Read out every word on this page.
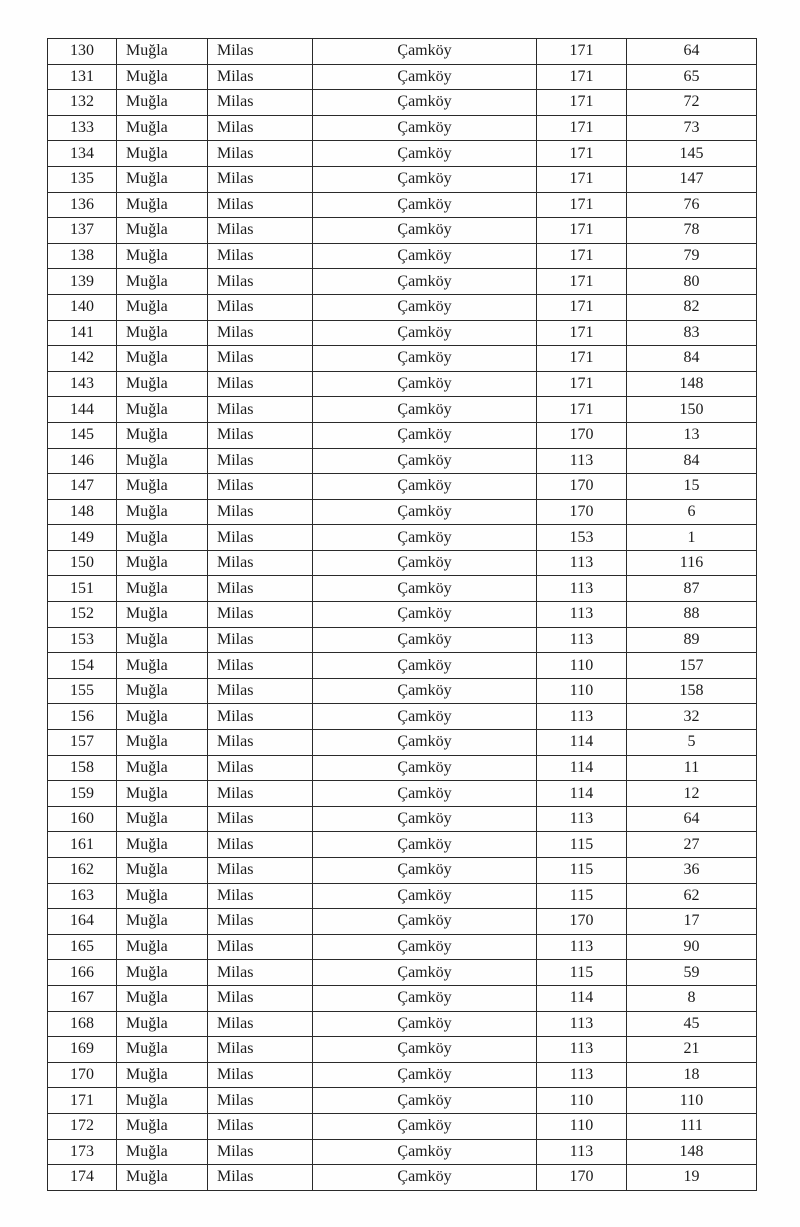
130	Muğla	Milas	Çamköy	171	64
131	Muğla	Milas	Çamköy	171	65
132	Muğla	Milas	Çamköy	171	72
133	Muğla	Milas	Çamköy	171	73
134	Muğla	Milas	Çamköy	171	145
135	Muğla	Milas	Çamköy	171	147
136	Muğla	Milas	Çamköy	171	76
137	Muğla	Milas	Çamköy	171	78
138	Muğla	Milas	Çamköy	171	79
139	Muğla	Milas	Çamköy	171	80
140	Muğla	Milas	Çamköy	171	82
141	Muğla	Milas	Çamköy	171	83
142	Muğla	Milas	Çamköy	171	84
143	Muğla	Milas	Çamköy	171	148
144	Muğla	Milas	Çamköy	171	150
145	Muğla	Milas	Çamköy	170	13
146	Muğla	Milas	Çamköy	113	84
147	Muğla	Milas	Çamköy	170	15
148	Muğla	Milas	Çamköy	170	6
149	Muğla	Milas	Çamköy	153	1
150	Muğla	Milas	Çamköy	113	116
151	Muğla	Milas	Çamköy	113	87
152	Muğla	Milas	Çamköy	113	88
153	Muğla	Milas	Çamköy	113	89
154	Muğla	Milas	Çamköy	110	157
155	Muğla	Milas	Çamköy	110	158
156	Muğla	Milas	Çamköy	113	32
157	Muğla	Milas	Çamköy	114	5
158	Muğla	Milas	Çamköy	114	11
159	Muğla	Milas	Çamköy	114	12
160	Muğla	Milas	Çamköy	113	64
161	Muğla	Milas	Çamköy	115	27
162	Muğla	Milas	Çamköy	115	36
163	Muğla	Milas	Çamköy	115	62
164	Muğla	Milas	Çamköy	170	17
165	Muğla	Milas	Çamköy	113	90
166	Muğla	Milas	Çamköy	115	59
167	Muğla	Milas	Çamköy	114	8
168	Muğla	Milas	Çamköy	113	45
169	Muğla	Milas	Çamköy	113	21
170	Muğla	Milas	Çamköy	113	18
171	Muğla	Milas	Çamköy	110	110
172	Muğla	Milas	Çamköy	110	111
173	Muğla	Milas	Çamköy	113	148
174	Muğla	Milas	Çamköy	170	19
